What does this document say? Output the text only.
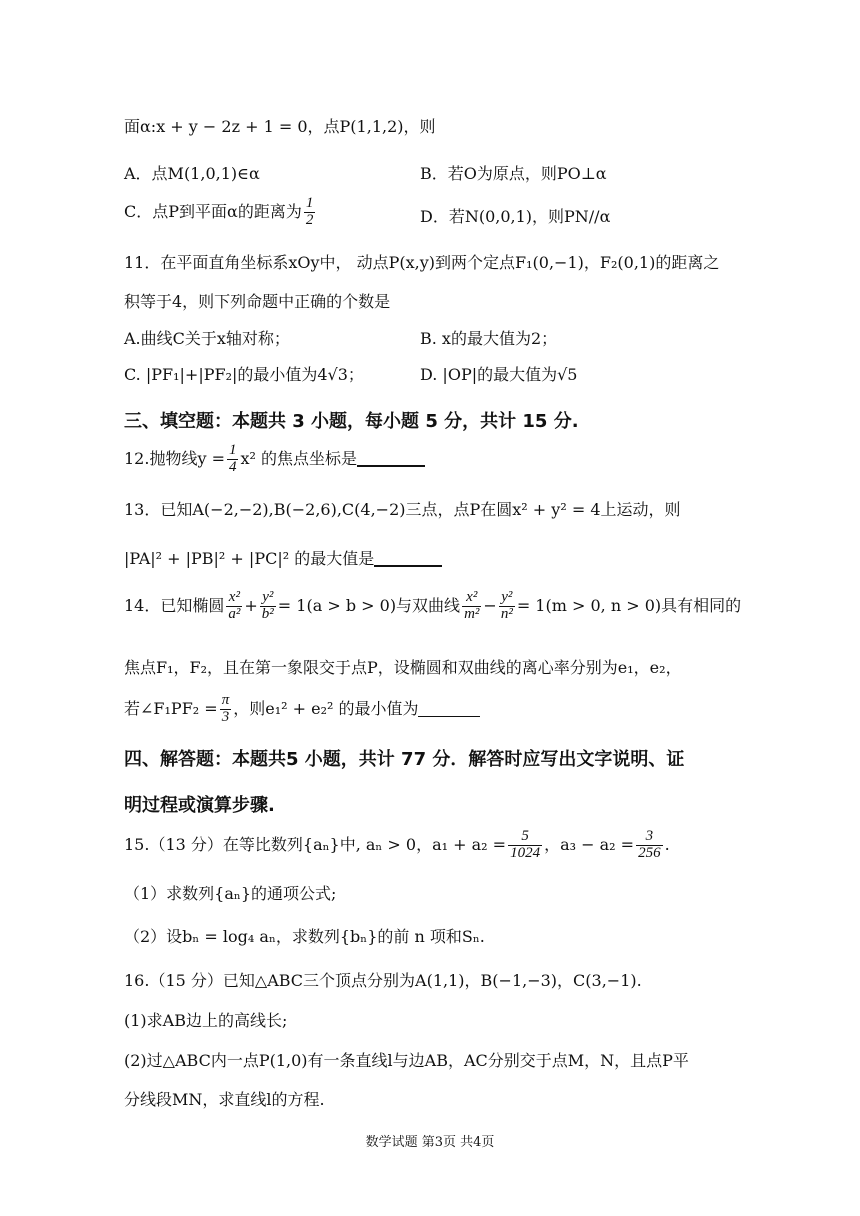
面α:x + y − 2z + 1 = 0，点P(1,1,2)，则
A．点M(1,0,1)∈α	B．若O为原点，则PO⊥α
C．点P到平面α的距离为 $\frac{1}{2}$	D．若N(0,0,1)，则PN//α
11．在平面直角坐标系xOy中， 动点P(x,y)到两个定点F₁(0,−1)，F₂(0,1)的距离之
积等于4，则下列命题中正确的个数是
A.曲线C关于x轴对称；	B. x的最大值为2；
C. |PF₁|+|PF₂|的最小值为4√3；	D. |OP|的最大值为√5
三、填空题：本题共 3 小题，每小题 5 分，共计 15 分.
12.抛物线$y = \frac{1}{4} x^2$ 的焦点坐标是
13．已知A(−2,−2),B(−2,6),C(4,−2)三点，点P在圆x² + y² = 4上运动，则
|PA|² + |PB|² + |PC|² 的最大值是
14．已知椭圆 $\frac{\text{x²}}{\text{a²}} + \frac{\text{y²}}{\text{b²}} = 1(a > b > 0)$与双曲线 $\frac{\text{x²}}{\text{m²}} - \frac{\text{y²}}{\text{n²}} = 1(m > 0$, n > 0)具有相同的
焦点F₁，F₂，且在第一象限交于点P，设椭圆和双曲线的离心率分别为e₁，e₂，
若∠F₁PF₂ = $\frac{\pi}{3}$ ，则e₁² + e₂² 的最小值为
四、解答题：本题共5 小题，共计 77 分．解答时应写出文字说明、证
明过程或演算步骤.
15.（13 分）在等比数列{aₙ}中, aₙ > 0，$a_1 + a_2 = \frac{5}{1024}$ ，$a_3 - a_2 = \frac{3}{256}$ .
（1）求数列{aₙ}的通项公式;
（2）设bₙ = log₄ aₙ，求数列{bₙ}的前 n 项和Sₙ.
16.（15 分）已知△ABC三个顶点分别为A(1,1)，B(−1,−3)，C(3,−1).
(1)求AB边上的高线长;
(2)过△ABC内一点P(1,0)有一条直线l与边AB，AC分别交于点M，N，且点P平
分线段MN，求直线l的方程.
数学试题 第3页 共4页
